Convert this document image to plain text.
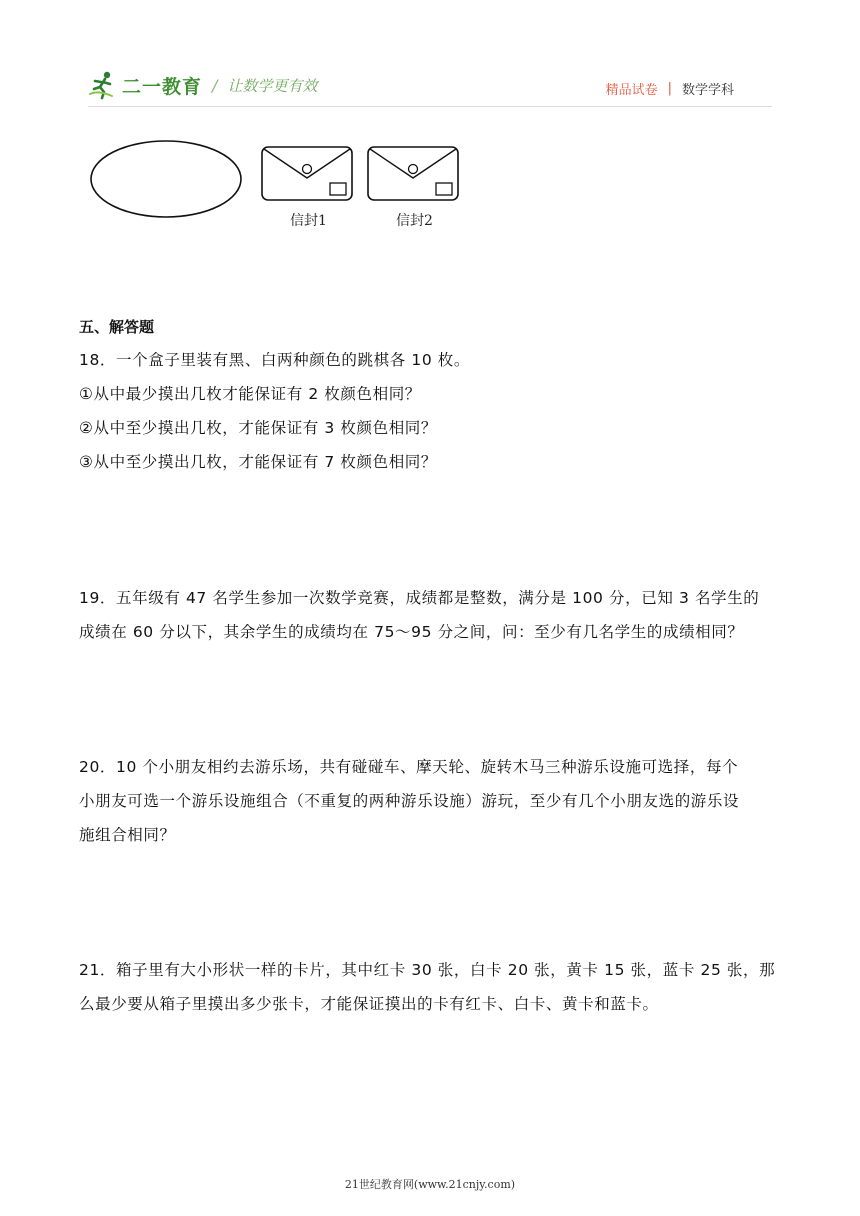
二一教育 / 让数学更有效	精品试卷 | 数学学科
信封1	信封2
五、解答题
18．一个盒子里装有黑、白两种颜色的跳棋各 10 枚。
①从中最少摸出几枚才能保证有 2 枚颜色相同？
②从中至少摸出几枚，才能保证有 3 枚颜色相同？
③从中至少摸出几枚，才能保证有 7 枚颜色相同？
19．五年级有 47 名学生参加一次数学竞赛，成绩都是整数，满分是 100 分，已知 3 名学生的
成绩在 60 分以下，其余学生的成绩均在 75～95 分之间，问：至少有几名学生的成绩相同？
20．10 个小朋友相约去游乐场，共有碰碰车、摩天轮、旋转木马三种游乐设施可选择，每个
小朋友可选一个游乐设施组合（不重复的两种游乐设施）游玩，至少有几个小朋友选的游乐设
施组合相同？
21．箱子里有大小形状一样的卡片，其中红卡 30 张，白卡 20 张，黄卡 15 张，蓝卡 25 张，那
么最少要从箱子里摸出多少张卡，才能保证摸出的卡有红卡、白卡、黄卡和蓝卡。
21世纪教育网(www.21cnjy.com)
